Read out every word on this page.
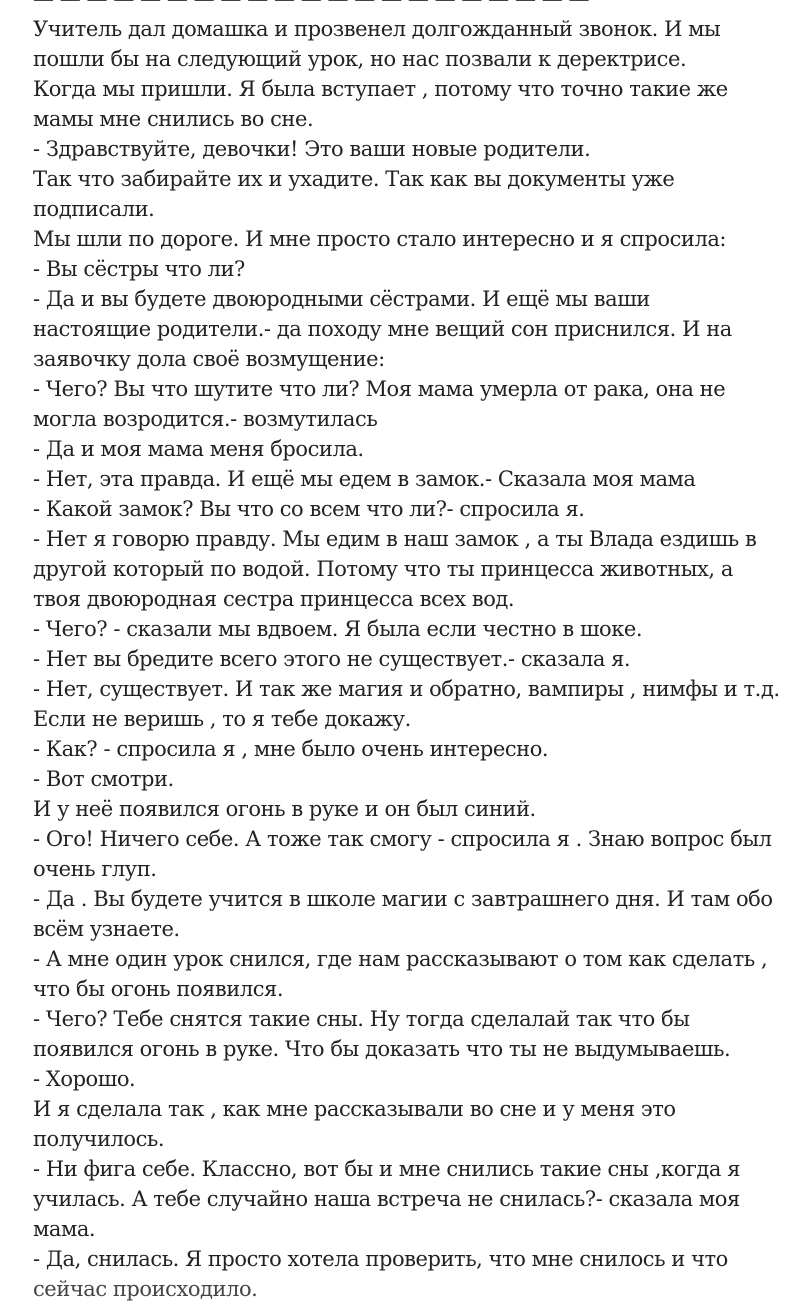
Учитель дал домашка и прозвенел долгожданный звонок. И мы
пошли бы на следующий урок, но нас позвали к деректрисе.
Когда мы пришли. Я была вступает , потому что точно такие же
мамы мне снились во сне.
- Здравствуйте, девочки! Это ваши новые родители.
Так что забирайте их и ухадите. Так как вы документы уже
подписали.
Мы шли по дороге. И мне просто стало интересно и я спросила:
- Вы сёстры что ли?
- Да и вы будете двоюродными сёстрами. И ещё мы ваши
настоящие родители.- да походу мне вещий сон приснился. И на
заявочку дола своё возмущение:
- Чего? Вы что шутите что ли? Моя мама умерла от рака, она не
могла возродится.- возмутилась
- Да и моя мама меня бросила.
- Нет, эта правда. И ещё мы едем в замок.- Сказала моя мама
- Какой замок? Вы что со всем что ли?- спросила я.
- Нет я говорю правду. Мы едим в наш замок , а ты Влада ездишь в
другой который по водой. Потому что ты принцесса животных, а
твоя двоюродная сестра принцесса всех вод.
- Чего? - сказали мы вдвоем. Я была если честно в шоке.
- Нет вы бредите всего этого не существует.- сказала я.
- Нет, существует. И так же магия и обратно, вампиры , нимфы и т.д.
Если не веришь , то я тебе докажу.
- Как? - спросила я , мне было очень интересно.
- Вот смотри.
И у неё появился огонь в руке и он был синий.
- Ого! Ничего себе. А тоже так смогу - спросила я . Знаю вопрос был
очень глуп.
- Да . Вы будете учится в школе магии с завтрашнего дня. И там обо
всём узнаете.
- А мне один урок снился, где нам рассказывают о том как сделать ,
что бы огонь появился.
- Чего? Тебе снятся такие сны. Ну тогда сделалай так что бы
появился огонь в руке. Что бы доказать что ты не выдумываешь.
- Хорошо.
И я сделала так , как мне рассказывали во сне и у меня это
получилось.
- Ни фига себе. Классно, вот бы и мне снились такие сны ,когда я
училась. А тебе случайно наша встреча не снилась?- сказала моя
мама.
- Да, снилась. Я просто хотела проверить, что мне снилось и что
сейчас происходило.
